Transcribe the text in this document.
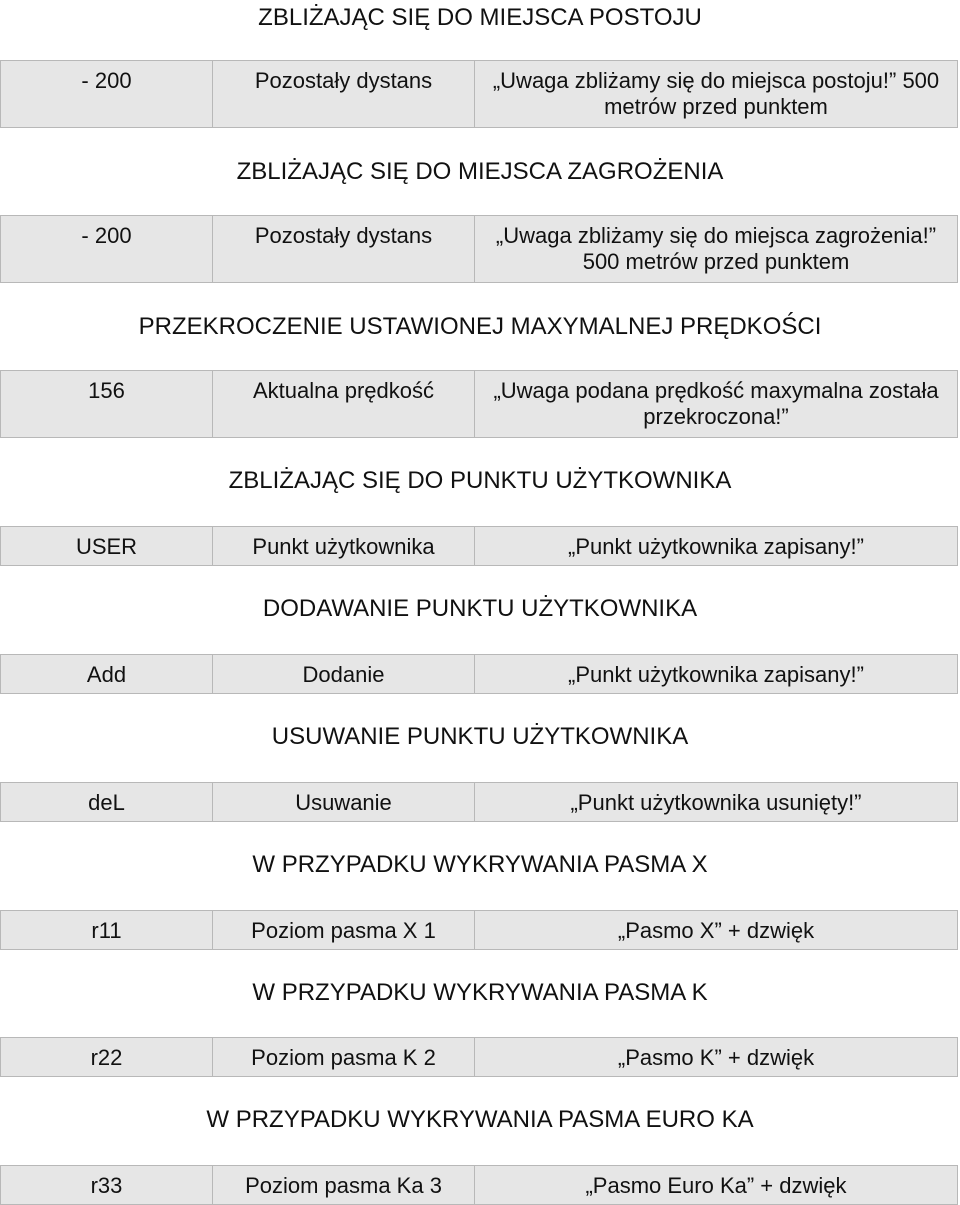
ZBLIŻAJĄC SIĘ DO MIEJSCA POSTOJU
- 200	Pozostały dystans	„Uwaga zbliżamy się do miejsca postoju!” 500 metrów przed punktem
ZBLIŻAJĄC SIĘ DO MIEJSCA ZAGROŻENIA
- 200	Pozostały dystans	„Uwaga zbliżamy się do miejsca zagrożenia!” 500 metrów przed punktem
PRZEKROCZENIE USTAWIONEJ MAXYMALNEJ PRĘDKOŚCI
156	Aktualna prędkość	„Uwaga podana prędkość maxymalna została przekroczona!”
ZBLIŻAJĄC SIĘ DO PUNKTU UŻYTKOWNIKA
USER	Punkt użytkownika	„Punkt użytkownika zapisany!”
DODAWANIE PUNKTU UŻYTKOWNIKA
Add	Dodanie	„Punkt użytkownika zapisany!”
USUWANIE PUNKTU UŻYTKOWNIKA
deL	Usuwanie	„Punkt użytkownika usunięty!”
W PRZYPADKU WYKRYWANIA PASMA X
r11	Poziom pasma X 1	„Pasmo X” + dzwięk
W PRZYPADKU WYKRYWANIA PASMA K
r22	Poziom pasma K 2	„Pasmo K” + dzwięk
W PRZYPADKU WYKRYWANIA PASMA EURO KA
r33	Poziom pasma Ka 3	„Pasmo Euro Ka” + dzwięk
